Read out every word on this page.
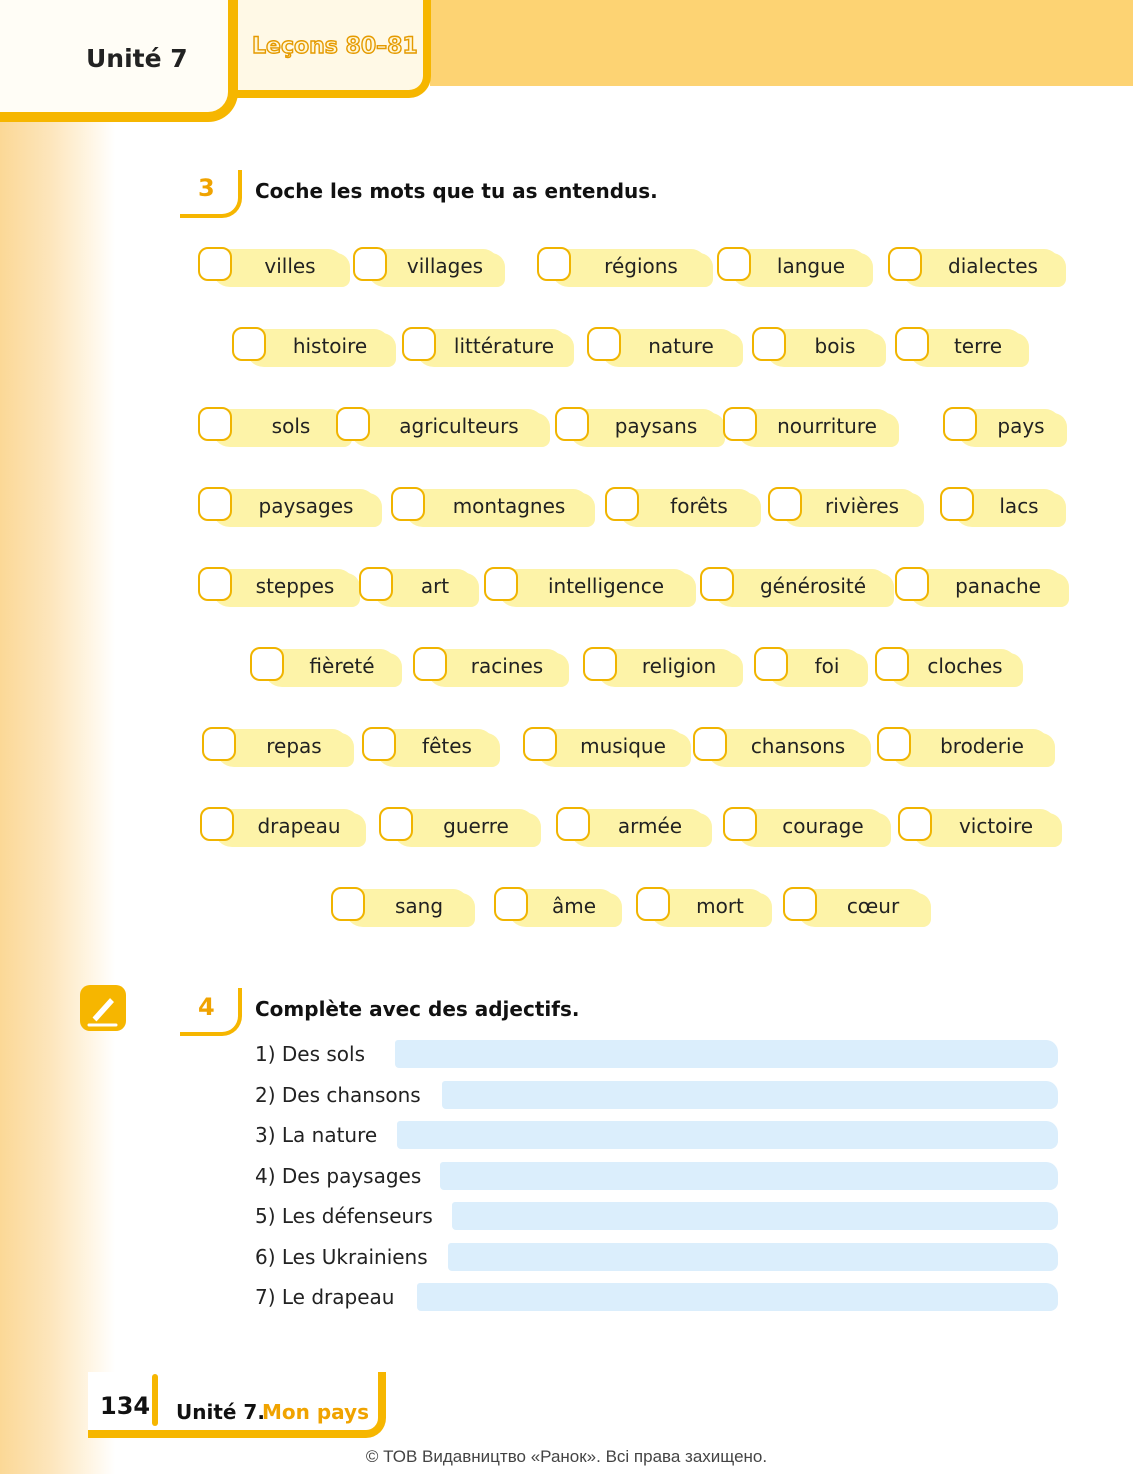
Leçons 80–81
Unité 7
3 Coche les mots que tu as entendus.
villes	villages	régions	langue	dialectes
histoire	littérature	nature	bois	terre
sols	agriculteurs	paysans	nourriture	pays
paysages	montagnes	forêts	rivières	lacs
steppes	art	intelligence	générosité	panache
fièreté	racines	religion	foi	cloches
repas	fêtes	musique	chansons	broderie
drapeau	guerre	armée	courage	victoire
sang	âme	mort	cœur
4 Complète avec des adjectifs.
1) Des sols
2) Des chansons
3) La nature
4) Des paysages
5) Les défenseurs
6) Les Ukrainiens
7) Le drapeau
134 Unité 7.
Mon pays
© ТОВ Видавництво «Ранок». Всі права захищено.
